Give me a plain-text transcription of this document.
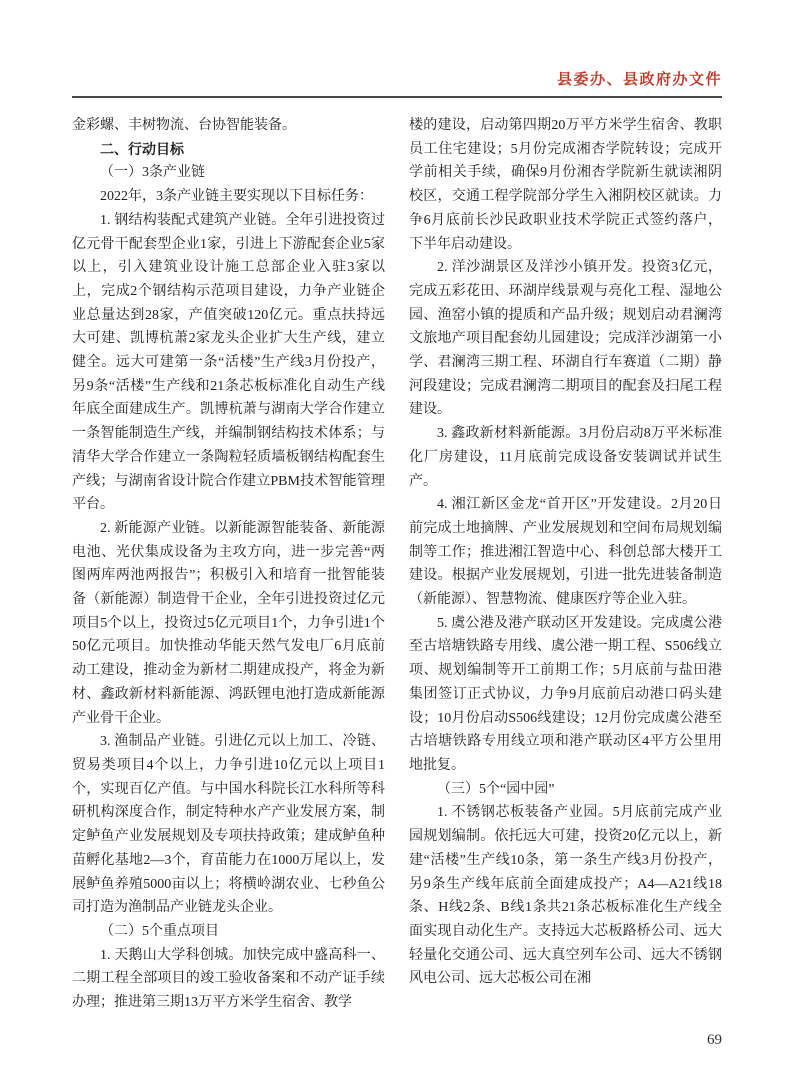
县委办、县政府办文件

金彩螺、丰树物流、台协智能装备。

二、行动目标

（一）3条产业链

2022年，3条产业链主要实现以下目标任务：

1. 钢结构装配式建筑产业链。全年引进投资过亿元骨干配套型企业1家，引进上下游配套企业5家以上，引入建筑业设计施工总部企业入驻3家以上，完成2个钢结构示范项目建设，力争产业链企业总量达到28家，产值突破120亿元。重点扶持远大可建、凯博杭萧2家龙头企业扩大生产线，建立健全。远大可建第一条“活楼”生产线3月份投产，另9条“活楼”生产线和21条芯板标准化自动生产线年底全面建成生产。凯博杭萧与湖南大学合作建立一条智能制造生产线，并编制钢结构技术体系；与清华大学合作建立一条陶粒轻质墙板钢结构配套生产线；与湖南省设计院合作建立PBM技术智能管理平台。

2. 新能源产业链。以新能源智能装备、新能源电池、光伏集成设备为主攻方向，进一步完善“两图两库两池两报告”；积极引入和培育一批智能装备（新能源）制造骨干企业，全年引进投资过亿元项目5个以上，投资过5亿元项目1个，力争引进1个50亿元项目。加快推动华能天然气发电厂6月底前动工建设，推动金为新材二期建成投产，将金为新材、鑫政新材料新能源、鸿跃锂电池打造成新能源产业骨干企业。

3. 渔制品产业链。引进亿元以上加工、冷链、贸易类项目4个以上，力争引进10亿元以上项目1个，实现百亿产值。与中国水科院长江水科所等科研机构深度合作，制定特种水产产业发展方案，制定鲈鱼产业发展规划及专项扶持政策；建成鲈鱼种苗孵化基地2—3个，育苗能力在1000万尾以上，发展鲈鱼养殖5000亩以上；将横岭湖农业、七秒鱼公司打造为渔制品产业链龙头企业。

（二）5个重点项目

1. 天鹅山大学科创城。加快完成中盛高科一、二期工程全部项目的竣工验收备案和不动产证手续办理；推进第三期13万平方米学生宿舍、教学

楼的建设，启动第四期20万平方米学生宿舍、教职员工住宅建设；5月份完成湘杏学院转设；完成开学前相关手续，确保9月份湘杏学院新生就读湘阴校区，交通工程学院部分学生入湘阴校区就读。力争6月底前长沙民政职业技术学院正式签约落户，下半年启动建设。

2. 洋沙湖景区及洋沙小镇开发。投资3亿元，完成五彩花田、环湖岸线景观与亮化工程、湿地公园、渔窑小镇的提质和产品升级；规划启动君澜湾文旅地产项目配套幼儿园建设；完成洋沙湖第一小学、君澜湾三期工程、环湖自行车赛道（二期）静河段建设；完成君澜湾二期项目的配套及扫尾工程建设。

3. 鑫政新材料新能源。3月份启动8万平米标准化厂房建设，11月底前完成设备安装调试并试生产。

4. 湘江新区金龙“首开区”开发建设。2月20日前完成土地摘牌、产业发展规划和空间布局规划编制等工作；推进湘江智造中心、科创总部大楼开工建设。根据产业发展规划，引进一批先进装备制造（新能源）、智慧物流、健康医疗等企业入驻。

5. 虞公港及港产联动区开发建设。完成虞公港至古培塘铁路专用线、虞公港一期工程、S506线立项、规划编制等开工前期工作；5月底前与盐田港集团签订正式协议，力争9月底前启动港口码头建设；10月份启动S506线建设；12月份完成虞公港至古培塘铁路专用线立项和港产联动区4平方公里用地批复。

（三）5个“园中园”

1. 不锈钢芯板装备产业园。5月底前完成产业园规划编制。依托远大可建，投资20亿元以上，新建“活楼”生产线10条，第一条生产线3月份投产，另9条生产线年底前全面建成投产；A4—A21线18条、H线2条、B线1条共21条芯板标准化生产线全面实现自动化生产。支持远大芯板路桥公司、远大轻量化交通公司、远大真空列车公司、远大不锈钢风电公司、远大芯板公司在湘

69
